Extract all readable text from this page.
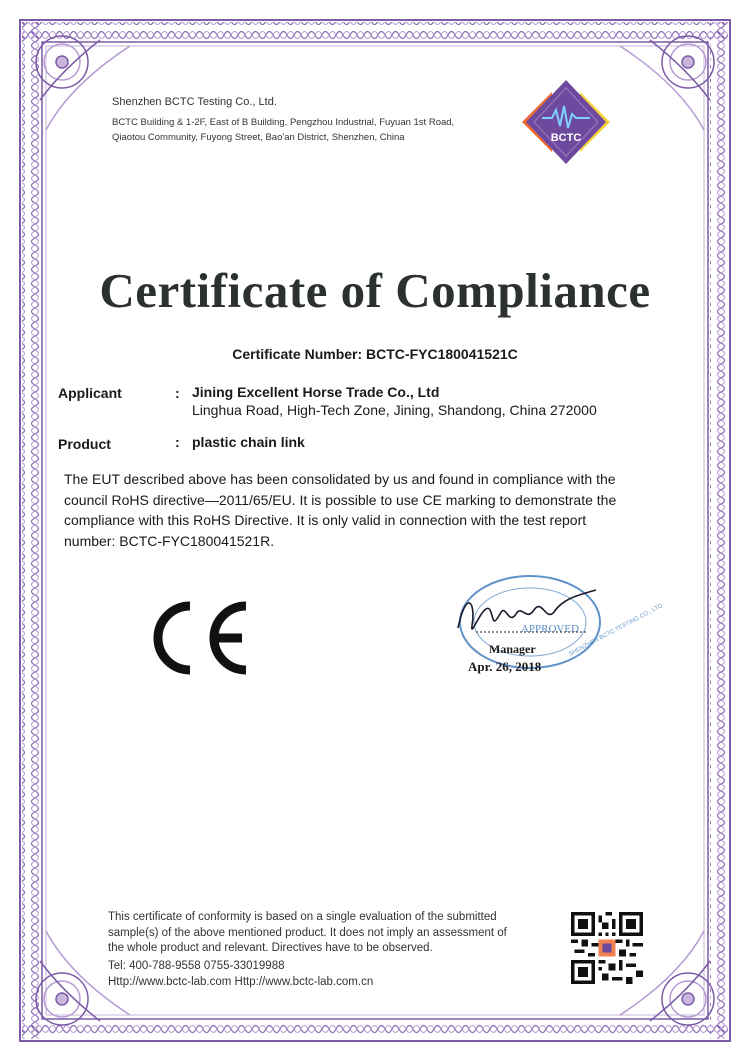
Shenzhen BCTC Testing Co., Ltd.
BCTC Building & 1-2F, East of B Building, Pengzhou Industrial, Fuyuan 1st Road,
Qiaotou Community, Fuyong Street, Bao'an District, Shenzhen, China	BCTC
Certificate of Compliance
Certificate Number: BCTC-FYC180041521C
Applicant	: Jining Excellent Horse Trade Co., Ltd
Linghua Road, High-Tech Zone, Jining, Shandong, China 272000
Product	: plastic chain link
The EUT described above has been consolidated by us and found in compliance with the
council RoHS directive—2011/65/EU. It is possible to use CE marking to demonstrate the
compliance with this RoHS Directive. It is only valid in connection with the test report
number: BCTC-FYC180041521R.
APPROVED
SHENZHEN BCTC TESTING CO., LTD
Manager
Apr. 26, 2018
This certificate of conformity is based on a single evaluation of the submitted
sample(s) of the above mentioned product. It does not imply an assessment of
the whole product and relevant. Directives have to be observed.
Tel: 400-788-9558 0755-33019988
Http://www.bctc-lab.com Http://www.bctc-lab.com.cn
